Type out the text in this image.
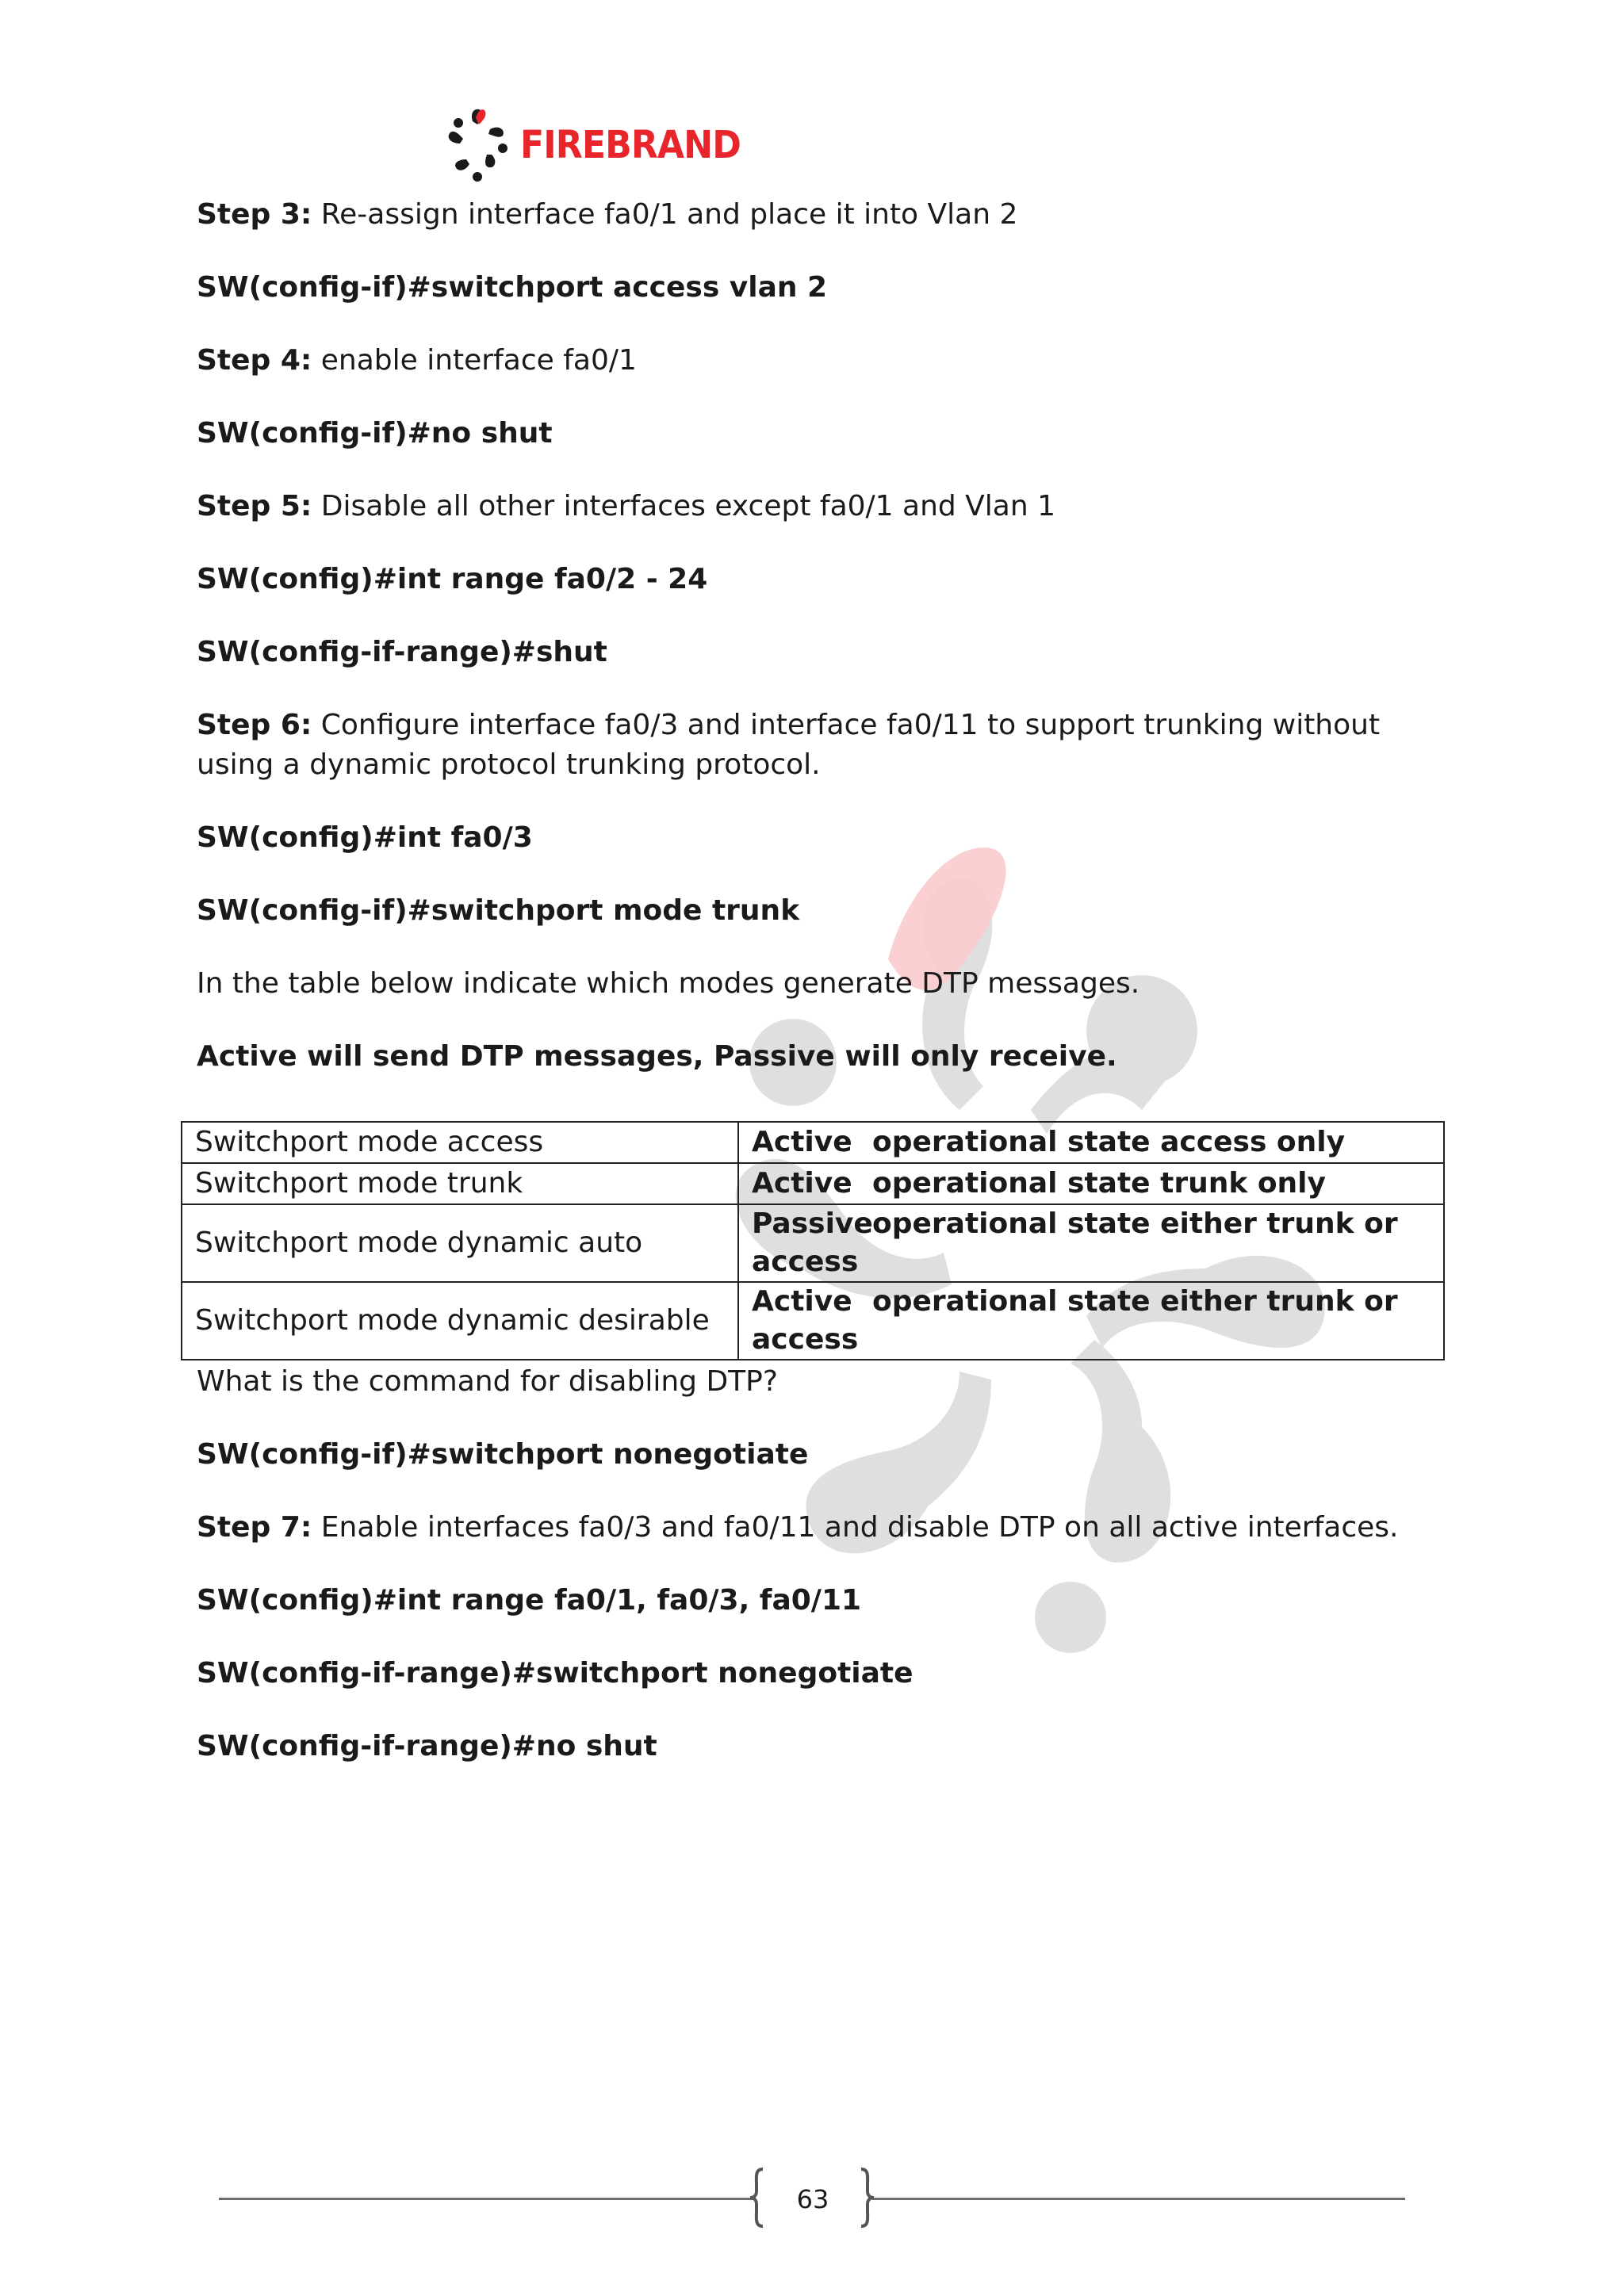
FIREBRAND

Step 3: Re-assign interface fa0/1 and place it into Vlan 2

SW(config-if)#switchport access vlan 2

Step 4: enable interface fa0/1

SW(config-if)#no shut

Step 5: Disable all other interfaces except fa0/1 and Vlan 1

SW(config)#int range fa0/2 - 24

SW(config-if-range)#shut

Step 6: Configure interface fa0/3 and interface fa0/11 to support trunking without using a dynamic protocol trunking protocol.

SW(config)#int fa0/3

SW(config-if)#switchport mode trunk

In the table below indicate which modes generate DTP messages.

Active will send DTP messages, Passive will only receive.

Switchport mode access	Active operational state access only
Switchport mode trunk	Active operational state trunk only
Switchport mode dynamic auto	Passiveoperational state either trunk or access
Switchport mode dynamic desirable	Active operational state either trunk or access

What is the command for disabling DTP?

SW(config-if)#switchport nonegotiate

Step 7: Enable interfaces fa0/3 and fa0/11 and disable DTP on all active interfaces.

SW(config)#int range fa0/1, fa0/3, fa0/11

SW(config-if-range)#switchport nonegotiate

SW(config-if-range)#no shut

63
